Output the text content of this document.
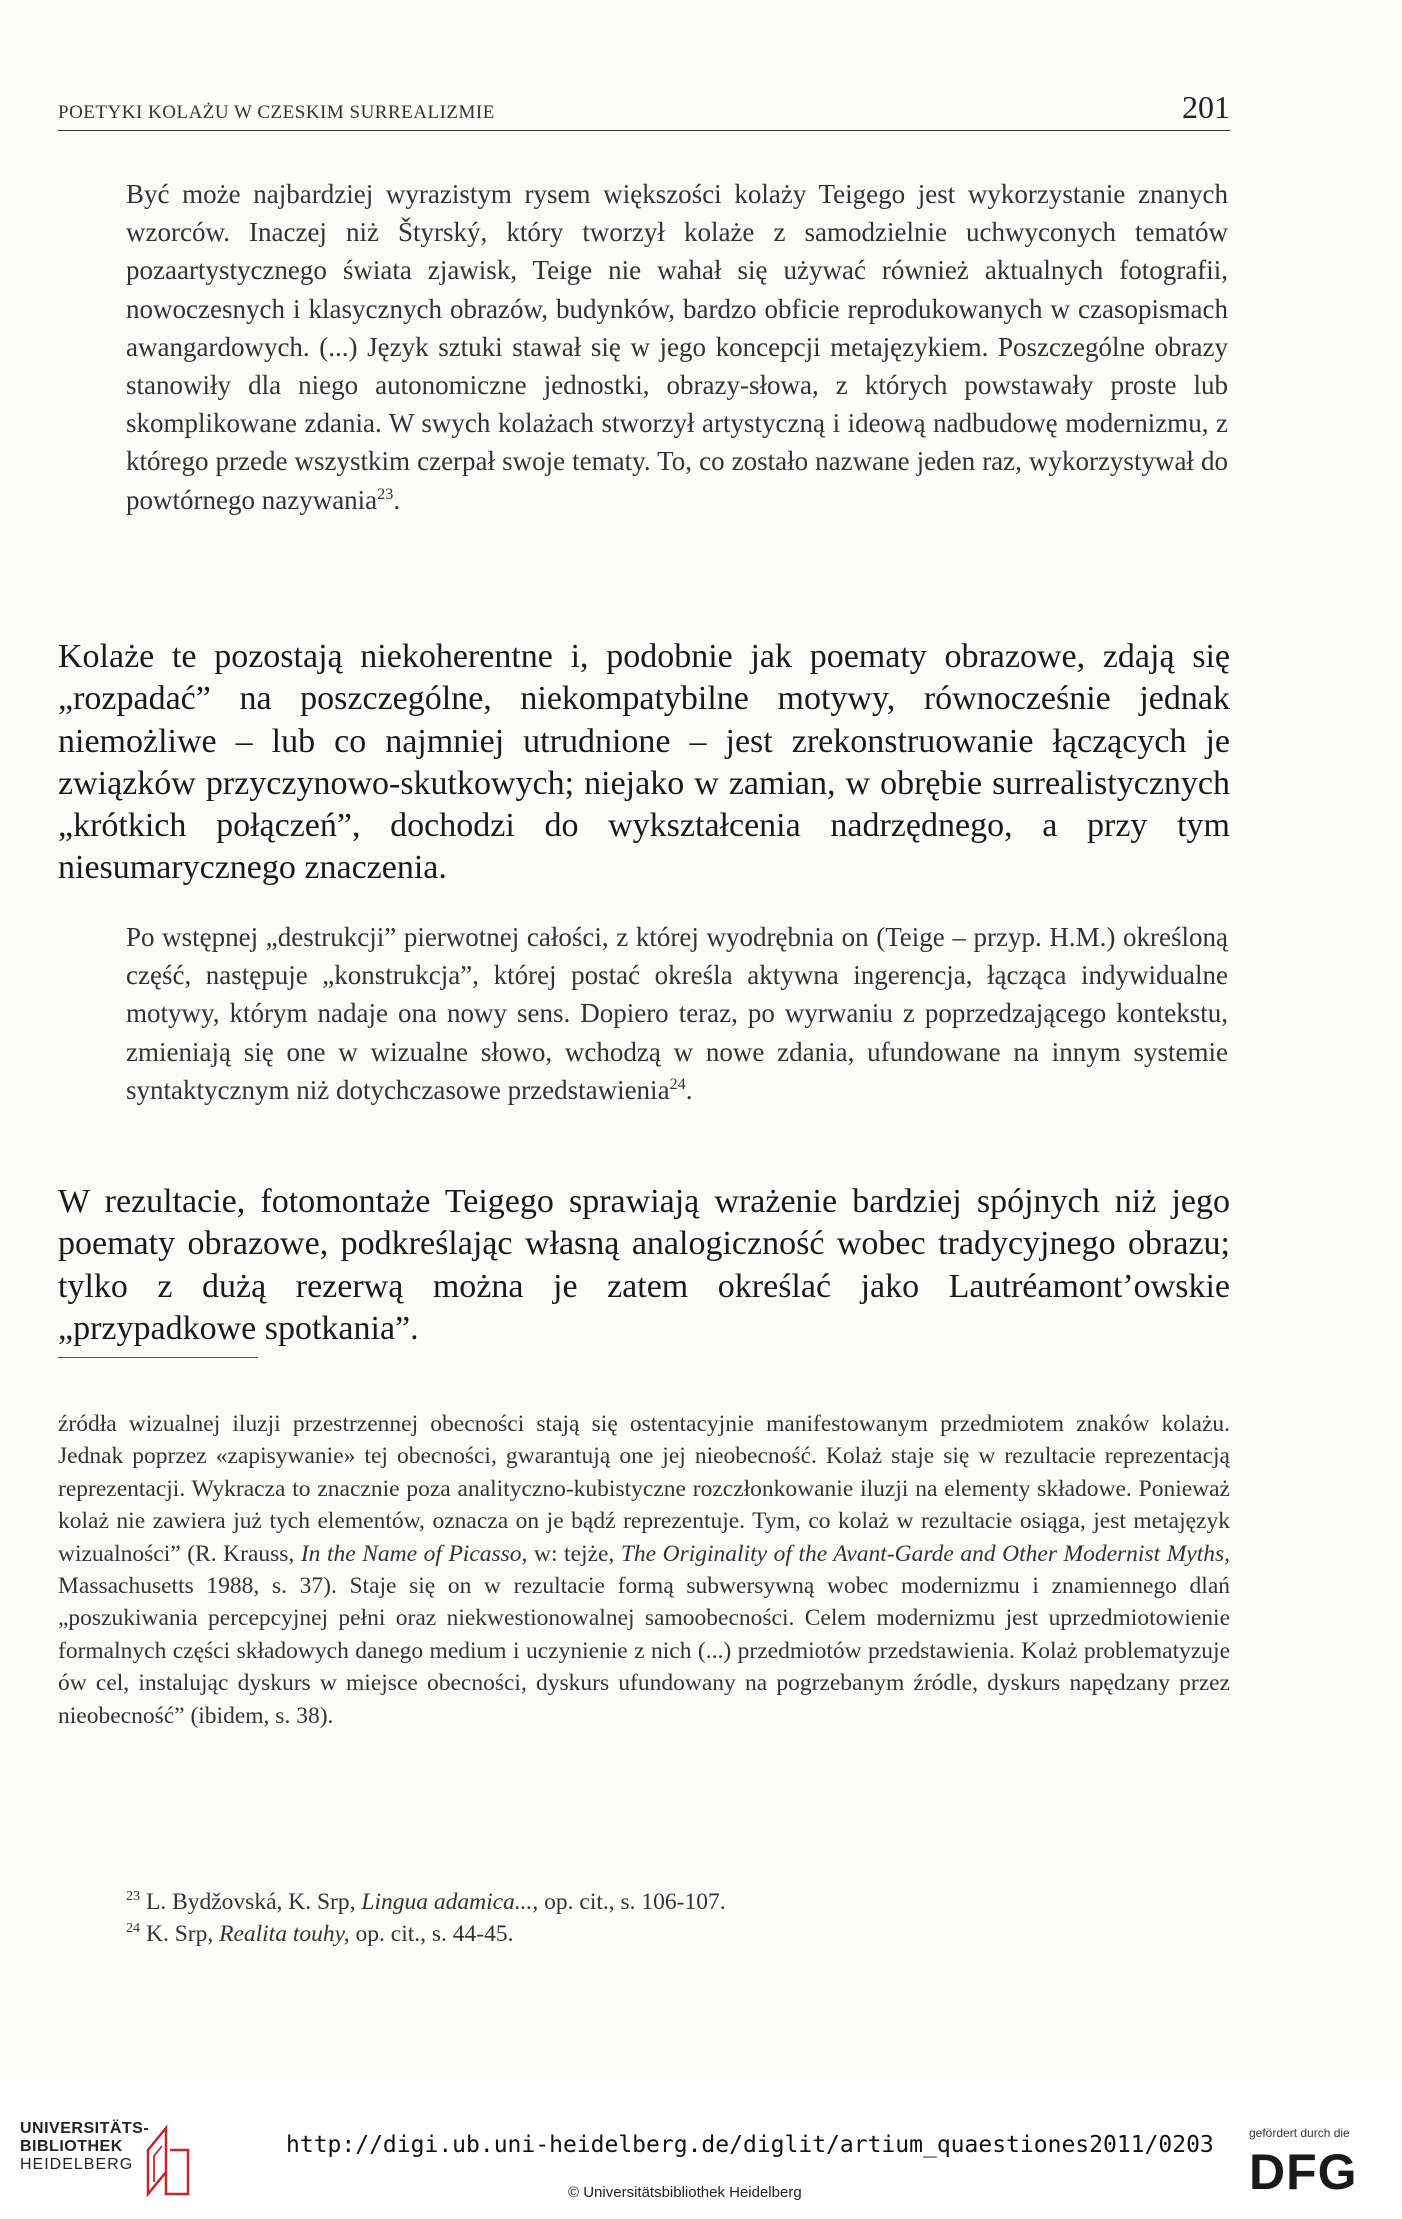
POETYKI KOLAŻU W CZESKIM SURREALIZMIE	201

Być może najbardziej wyrazistym rysem większości kolaży Teigego jest wykorzystanie znanych wzorców. Inaczej niż Štyrský, który tworzył kolaże z samodzielnie uchwyconych tematów pozaartystycznego świata zjawisk, Teige nie wahał się używać również aktualnych fotografii, nowoczesnych i klasycznych obrazów, budynków, bardzo obficie reprodukowanych w czasopismach awangardowych. (...) Język sztuki stawał się w jego koncepcji metajęzykiem. Poszczególne obrazy stanowiły dla niego autonomiczne jednostki, obrazy-słowa, z których powstawały proste lub skomplikowane zdania. W swych kolażach stworzył artystyczną i ideową nadbudowę modernizmu, z którego przede wszystkim czerpał swoje tematy. To, co zostało nazwane jeden raz, wykorzystywał do powtórnego nazywania$^{23}$.

Kolaże te pozostają niekoherentne i, podobnie jak poematy obrazowe, zdają się „rozpadać” na poszczególne, niekompatybilne motywy, równocześnie jednak niemożliwe – lub co najmniej utrudnione – jest zrekonstruowanie łączących je związków przyczynowo-skutkowych; niejako w zamian, w obrębie surrealistycznych „krótkich połączeń”, dochodzi do wykształcenia nadrzędnego, a przy tym niesumarycznego znaczenia.

Po wstępnej „destrukcji” pierwotnej całości, z której wyodrębnia on (Teige – przyp. H.M.) określoną część, następuje „konstrukcja”, której postać określa aktywna ingerencja, łącząca indywidualne motywy, którym nadaje ona nowy sens. Dopiero teraz, po wyrwaniu z poprzedzającego kontekstu, zmieniają się one w wizualne słowo, wchodzą w nowe zdania, ufundowane na innym systemie syntaktycznym niż dotychczasowe przedstawienia$^{24}$.

W rezultacie, fotomontaże Teigego sprawiają wrażenie bardziej spójnych niż jego poematy obrazowe, podkreślając własną analogiczność wobec tradycyjnego obrazu; tylko z dużą rezerwą można je zatem określać jako Lautréamont’owskie „przypadkowe spotkania”.

źródła wizualnej iluzji przestrzennej obecności stają się ostentacyjnie manifestowanym przedmiotem znaków kolażu. Jednak poprzez «zapisywanie» tej obecności, gwarantują one jej nieobecność. Kolaż staje się w rezultacie reprezentacją reprezentacji. Wykracza to znacznie poza analityczno-kubistyczne rozczłonkowanie iluzji na elementy składowe. Ponieważ kolaż nie zawiera już tych elementów, oznacza on je bądź reprezentuje. Tym, co kolaż w rezultacie osiąga, jest metajęzyk wizualności” (R. Krauss, In the Name of Picasso, w: tejże, The Originality of the Avant-Garde and Other Modernist Myths, Massachusetts 1988, s. 37). Staje się on w rezultacie formą subwersywną wobec modernizmu i znamiennego dlań „poszukiwania percepcyjnej pełni oraz niekwestionowalnej samoobecności. Celem modernizmu jest uprzedmiotowienie formalnych części składowych danego medium i uczynienie z nich (...) przedmiotów przedstawienia. Kolaż problematyzuje ów cel, instalując dyskurs w miejsce obecności, dyskurs ufundowany na pogrzebanym źródle, dyskurs napędzany przez nieobecność” (ibidem, s. 38).

$^{23}$ L. Bydžovská, K. Srp, Lingua adamica..., op. cit., s. 106-107.

$^{24}$ K. Srp, Realita touhy, op. cit., s. 44-45.

UNIVERSITÄTS-
BIBLIOTHEK
HEIDELBERG
http://digi.ub.uni-heidelberg.de/diglit/artium_quaestiones2011/0203
© Universitätsbibliothek Heidelberg
gefördert durch die
DFG
